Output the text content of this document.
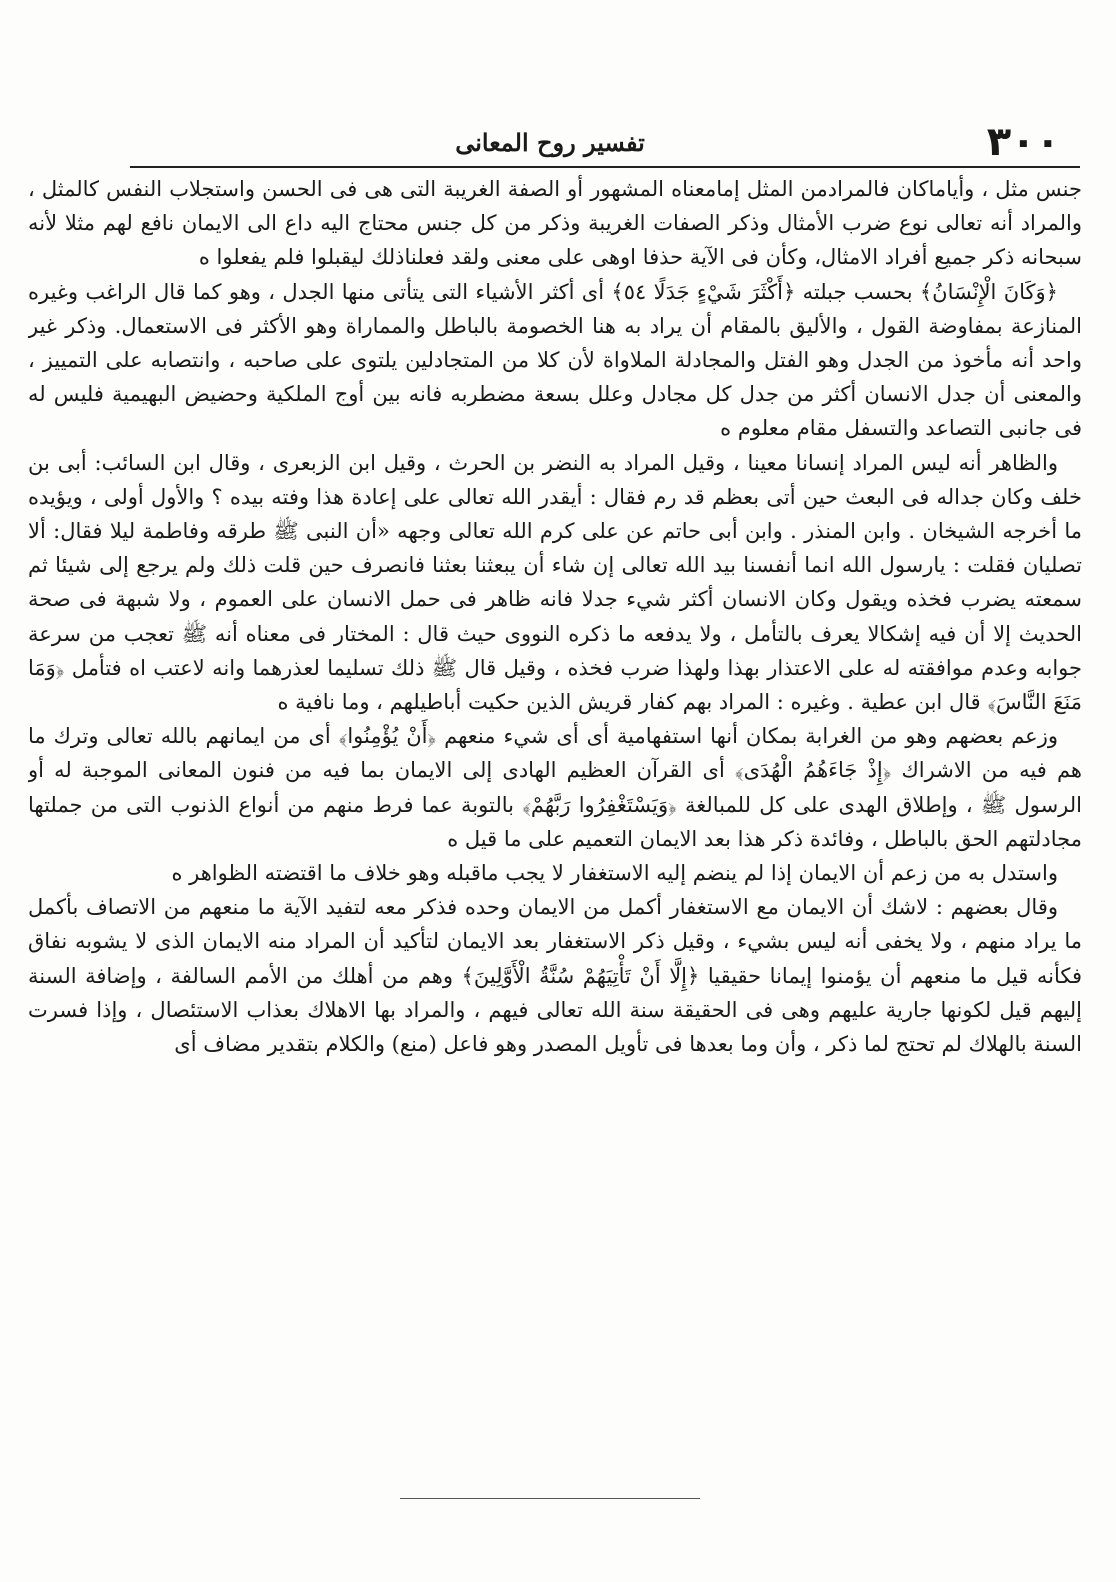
٣٠٠
تفسير روح المعانى

جنس مثل ، وأياماكان فالمرادمن المثل إمامعناه المشهور أو الصفة الغريبة التى هى فى الحسن واستجلاب النفس كالمثل ، والمراد أنه تعالى نوع ضرب الأمثال وذكر الصفات الغريبة وذكر من كل جنس محتاج اليه داع الى الايمان نافع لهم مثلا لأنه سبحانه ذكر جميع أفراد الامثال، وكأن فى الآية حذفا اوهى على معنى ولقد فعلناذلك ليقبلوا فلم يفعلوا ه

﴿وَكَانَ الْإِنْسَانُ﴾ بحسب جبلته ﴿أَكْثَرَ شَيْءٍ جَدَلًا ٥٤﴾ أى أكثر الأشياء التى يتأتى منها الجدل ، وهو كما قال الراغب وغيره المنازعة بمفاوضة القول ، والأليق بالمقام أن يراد به هنا الخصومة بالباطل والمماراة وهو الأكثر فى الاستعمال. وذكر غير واحد أنه مأخوذ من الجدل وهو الفتل والمجادلة الملاواة لأن كلا من المتجادلين يلتوى على صاحبه ، وانتصابه على التمييز ، والمعنى أن جدل الانسان أكثر من جدل كل مجادل وعلل بسعة مضطربه فانه بين أوج الملكية وحضيض البهيمية فليس له فى جانبى التصاعد والتسفل مقام معلوم ه

والظاهر أنه ليس المراد إنسانا معينا ، وقيل المراد به النضر بن الحرث ، وقيل ابن الزبعرى ، وقال ابن السائب: أبى بن خلف وكان جداله فى البعث حين أتى بعظم قد رم فقال : أيقدر الله تعالى على إعادة هذا وفته بيده ؟ والأول أولى ، ويؤيده ما أخرجه الشيخان . وابن المنذر . وابن أبى حاتم عن على كرم الله تعالى وجهه «أن النبى ﷺ طرقه وفاطمة ليلا فقال: ألا تصليان فقلت : يارسول الله انما أنفسنا بيد الله تعالى إن شاء أن يبعثنا بعثنا فانصرف حين قلت ذلك ولم يرجع إلى شيئا ثم سمعته يضرب فخذه ويقول وكان الانسان أكثر شيء جدلا فانه ظاهر فى حمل الانسان على العموم ، ولا شبهة فى صحة الحديث إلا أن فيه إشكالا يعرف بالتأمل ، ولا يدفعه ما ذكره النووى حيث قال : المختار فى معناه أنه ﷺ تعجب من سرعة جوابه وعدم موافقته له على الاعتذار بهذا ولهذا ضرب فخذه ، وقيل قال ﷺ ذلك تسليما لعذرهما وانه لاعتب اه فتأمل ﴿وَمَا مَنَعَ النَّاسَ﴾ قال ابن عطية . وغيره : المراد بهم كفار قريش الذين حكيت أباطيلهم ، وما نافية ه

وزعم بعضهم وهو من الغرابة بمكان أنها استفهامية أى أى شيء منعهم ﴿أَنْ يُؤْمِنُوا﴾ أى من ايمانهم بالله تعالى وترك ما هم فيه من الاشراك ﴿إِذْ جَاءَهُمُ الْهُدَى﴾ أى القرآن العظيم الهادى إلى الايمان بما فيه من فنون المعانى الموجبة له أو الرسول ﷺ ، وإطلاق الهدى على كل للمبالغة ﴿وَيَسْتَغْفِرُوا رَبَّهُمْ﴾ بالتوبة عما فرط منهم من أنواع الذنوب التى من جملتها مجادلتهم الحق بالباطل ، وفائدة ذكر هذا بعد الايمان التعميم على ما قيل ه

واستدل به من زعم أن الايمان إذا لم ينضم إليه الاستغفار لا يجب ماقبله وهو خلاف ما اقتضته الظواهر ه

وقال بعضهم : لاشك أن الايمان مع الاستغفار أكمل من الايمان وحده فذكر معه لتفيد الآية ما منعهم من الاتصاف بأكمل ما يراد منهم ، ولا يخفى أنه ليس بشيء ، وقيل ذكر الاستغفار بعد الايمان لتأكيد أن المراد منه الايمان الذى لا يشوبه نفاق فكأنه قيل ما منعهم أن يؤمنوا إيمانا حقيقيا ﴿إِلَّا أَنْ تَأْتِيَهُمْ سُنَّةُ الْأَوَّلِينَ﴾ وهم من أهلك من الأمم السالفة ، وإضافة السنة إليهم قيل لكونها جارية عليهم وهى فى الحقيقة سنة الله تعالى فيهم ، والمراد بها الاهلاك بعذاب الاستئصال ، وإذا فسرت السنة بالهلاك لم تحتج لما ذكر ، وأن وما بعدها فى تأويل المصدر وهو فاعل (منع) والكلام بتقدير مضاف أى
